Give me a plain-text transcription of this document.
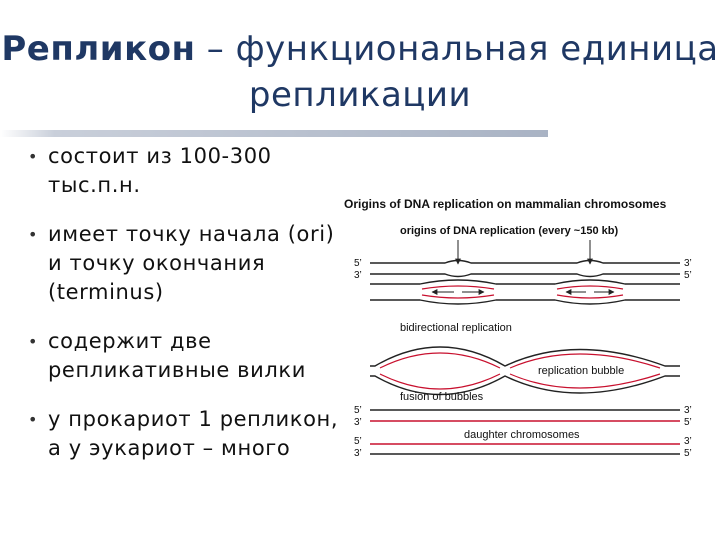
Репликон – функциональная единица репликации
• состоит из 100-300 тыс.п.н.
• имеет точку начала (ori) и точку окончания (terminus)
• содержит две репликативные вилки
• у прокариот 1 репликон, а у эукариот – много
Origins of DNA replication on mammalian chromosomes
origins of DNA replication (every ~150 kb)
5’
3’
3’
5’
bidirectional replication
replication bubble
fusion of bubbles
5’
3’
3’
5’
daughter chromosomes
5’
3’
3’
5’
